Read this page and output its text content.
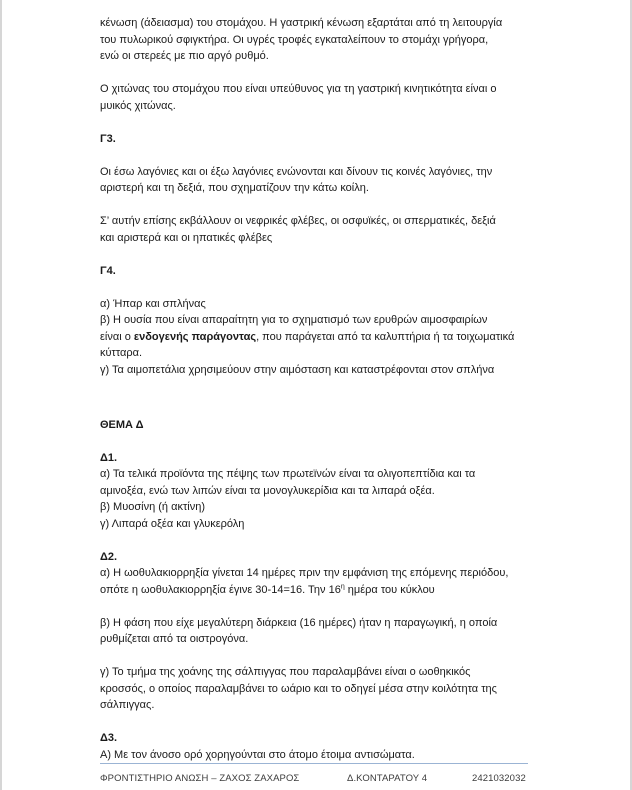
κένωση (άδειασμα) του στομάχου. Η γαστρική κένωση εξαρτάται από τη λειτουργία

του πυλωρικού σφιγκτήρα. Οι υγρές τροφές εγκαταλείπουν το στομάχι γρήγορα,

ενώ οι στερεές με πιο αργό ρυθμό.

Ο χιτώνας του στομάχου που είναι υπεύθυνος για τη γαστρική κινητικότητα είναι ο

μυικός χιτώνας.

Γ3.

Οι έσω λαγόνιες και οι έξω λαγόνιες ενώνονται και δίνουν τις κοινές λαγόνιες, την

αριστερή και τη δεξιά, που σχηματίζουν την κάτω κοίλη.

Σ’ αυτήν επίσης εκβάλλουν οι νεφρικές φλέβες, οι οσφυϊκές, οι σπερματικές, δεξιά

και αριστερά και οι ηπατικές φλέβες

Γ4.

α) Ήπαρ και σπλήνας

β) Η ουσία που είναι απαραίτητη για το σχηματισμό των ερυθρών αιμοσφαιρίων

είναι ο ενδογενής παράγοντας, που παράγεται από τα καλυπτήρια ή τα τοιχωματικά

κύτταρα.

γ) Τα αιμοπετάλια χρησιμεύουν στην αιμόσταση και καταστρέφονται στον σπλήνα

ΘΕΜΑ Δ

Δ1.

α) Τα τελικά προϊόντα της πέψης των πρωτεϊνών είναι τα ολιγοπεπτίδια και τα

αμινοξέα, ενώ των λιπών είναι τα μονογλυκερίδια και τα λιπαρά οξέα.

β) Μυοσίνη (ή ακτίνη)

γ) Λιπαρά οξέα και γλυκερόλη

Δ2.

α) Η ωοθυλακιορρηξία γίνεται 14 ημέρες πριν την εμφάνιση της επόμενης περιόδου,

οπότε η ωοθυλακιορρηξία έγινε 30-14=16. Την $16^\eta$ ημέρα του κύκλου

β) Η φάση που είχε μεγαλύτερη διάρκεια (16 ημέρες) ήταν η παραγωγική, η οποία

ρυθμίζεται από τα οιστρογόνα.

γ) Το τμήμα της χοάνης της σάλπιγγας που παραλαμβάνει είναι ο ωοθηκικός

κροσσός, ο οποίος παραλαμβάνει το ωάριο και το οδηγεί μέσα στην κοιλότητα της

σάλπιγγας.

Δ3.

Α) Με τον άνοσο ορό χορηγούνται στο άτομο έτοιμα αντισώματα.

ΦΡΟΝΤΙΣΤΗΡΙΟ ΑΝΩΣΗ – ΖΑΧΟΣ ΖΑΧΑΡΟΣ	Δ.ΚΟΝΤΑΡΑΤΟΥ 4	2421032032
